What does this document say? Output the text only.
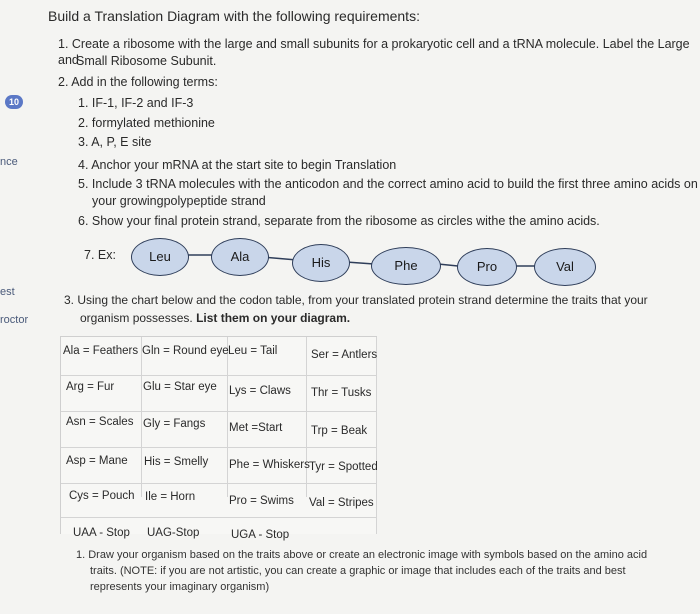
10
nce
est
roctor
Build a Translation Diagram with the following requirements:
1. Create a ribosome with the large and small subunits for a prokaryotic cell and a tRNA molecule. Label the Large and
Small Ribosome Subunit.
2. Add in the following terms:
1. IF-1, IF-2 and IF-3
2. formylated methionine
3. A, P, E site
4. Anchor your mRNA at the start site to begin Translation
5. Include 3 tRNA molecules with the anticodon and the correct amino acid to build the first three amino acids on
your growingpolypeptide strand
6. Show your final protein strand, separate from the ribosome as circles withe the amino acids.
7. Ex:	Leu	Ala	His	Phe	Pro	Val
3. Using the chart below and the codon table, from your translated protein strand determine the traits that your
organism possesses. List them on your diagram.
Ala = Feathers Gln = Round eye Leu = Tail	Ser = Antlers
Arg = Fur Glu = Star eye Lys = Claws Thr = Tusks
Asn = Scales Gly = Fangs Met =Start Trp = Beak
Asp = Mane His = Smelly Phe = Whiskers Tyr = Spotted
Cys = Pouch Ile = Horn	Pro = Swims Val = Stripes
UAA - Stop UAG-Stop	UGA - Stop
1. Draw your organism based on the traits above or create an electronic image with symbols based on the amino acid
traits. (NOTE: if you are not artistic, you can create a graphic or image that includes each of the traits and best
represents your imaginary organism)
